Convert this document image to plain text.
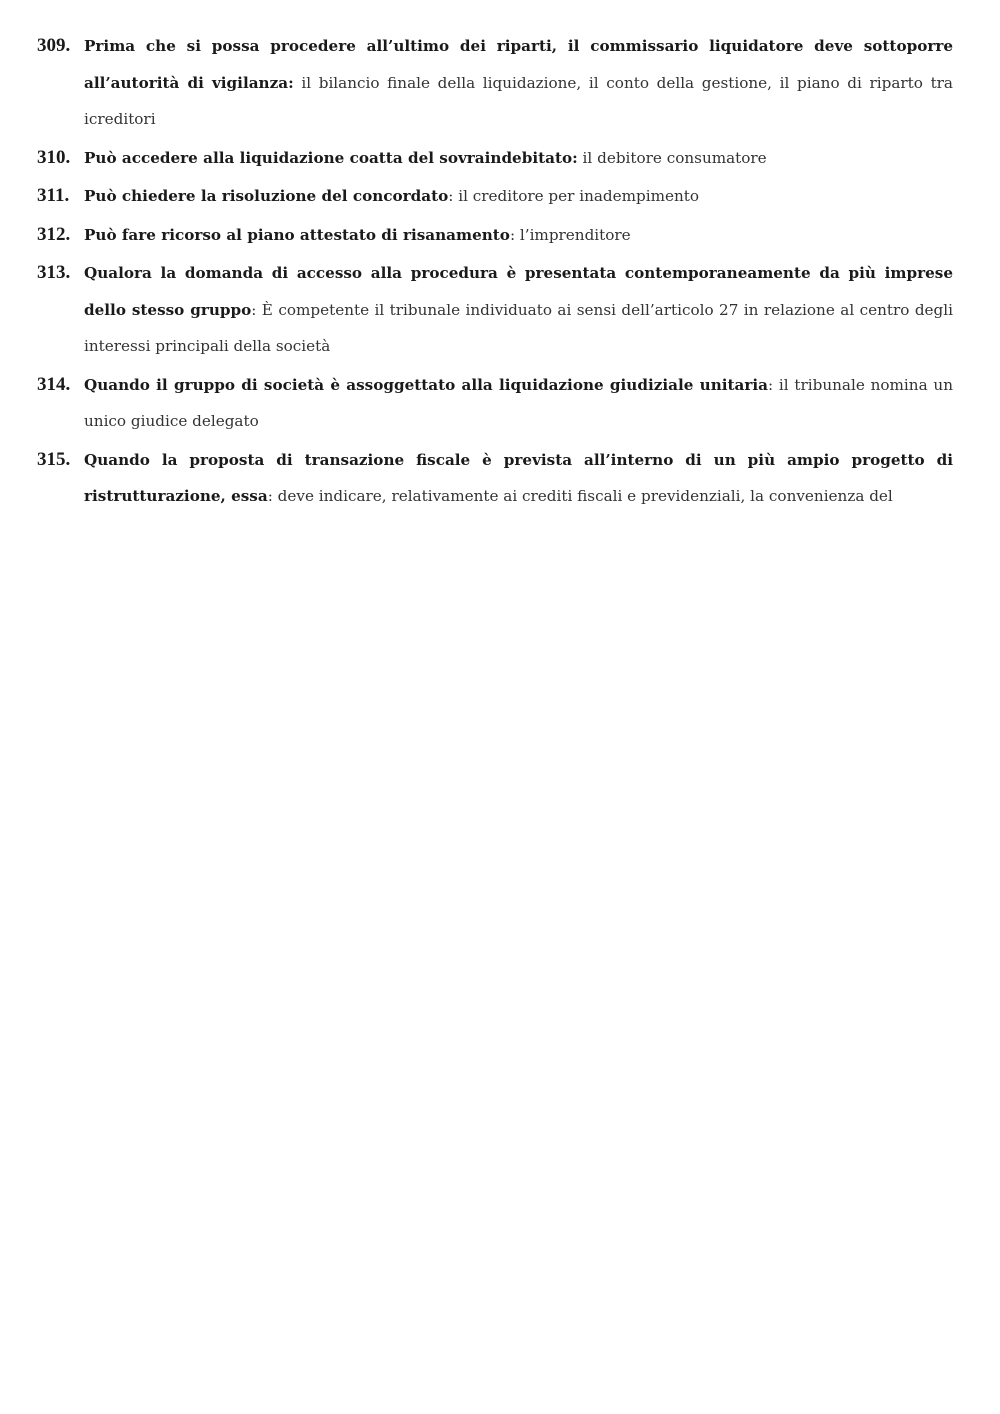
309. Prima che si possa procedere all’ultimo dei riparti, il commissario liquidatore deve sottoporre all’autorità di vigilanza: il bilancio finale della liquidazione, il conto della gestione, il piano di riparto tra icreditori
310. Può accedere alla liquidazione coatta del sovraindebitato: il debitore consumatore
311. Può chiedere la risoluzione del concordato: il creditore per inadempimento
312. Può fare ricorso al piano attestato di risanamento: l’imprenditore
313. Qualora la domanda di accesso alla procedura è presentata contemporaneamente da più imprese dello stesso gruppo: È competente il tribunale individuato ai sensi dell’articolo 27 in relazione al centro degli interessi principali della società
314. Quando il gruppo di società è assoggettato alla liquidazione giudiziale unitaria: il tribunale nomina un unico giudice delegato
315. Quando la proposta di transazione fiscale è prevista all’interno di un più ampio progetto di ristrutturazione, essa: deve indicare, relativamente ai crediti fiscali e previdenziali, la convenienza del
